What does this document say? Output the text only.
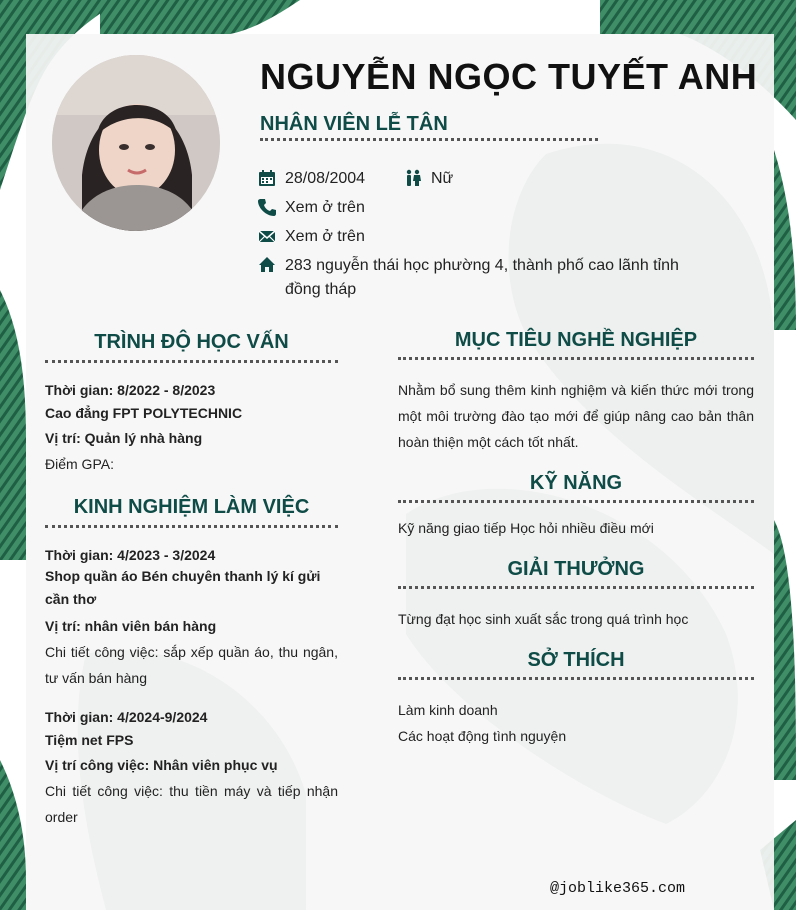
NGUYỄN NGỌC TUYẾT ANH
NHÂN VIÊN LỄ TÂN
28/08/2004	Nữ
Xem ở trên
Xem ở trên
283 nguyễn thái học phường 4, thành phố cao lãnh tỉnh đồng tháp
TRÌNH ĐỘ HỌC VẤN
Thời gian: 8/2022 - 8/2023
Cao đẳng FPT POLYTECHNIC
Vị trí: Quản lý nhà hàng
Điểm GPA:
KINH NGHIỆM LÀM VIỆC
Thời gian: 4/2023 - 3/2024
Shop quần áo Bén chuyên thanh lý kí gửi cần thơ
Vị trí: nhân viên bán hàng
Chi tiết công việc: sắp xếp quần áo, thu ngân, tư vấn bán hàng
Thời gian: 4/2024-9/2024
Tiệm net FPS
Vị trí công việc: Nhân viên phục vụ
Chi tiết công việc: thu tiền máy và tiếp nhận order
MỤC TIÊU NGHỀ NGHIỆP
Nhằm bổ sung thêm kinh nghiệm và kiến thức mới trong một môi trường đào tạo mới để giúp nâng cao bản thân hoàn thiện một cách tốt nhất.
KỸ NĂNG
Kỹ năng giao tiếp Học hỏi nhiều điều mới
GIẢI THƯỞNG
Từng đạt học sinh xuất sắc trong quá trình học
SỞ THÍCH
Làm kinh doanh
Các hoạt động tình nguyện
@joblike365.com
